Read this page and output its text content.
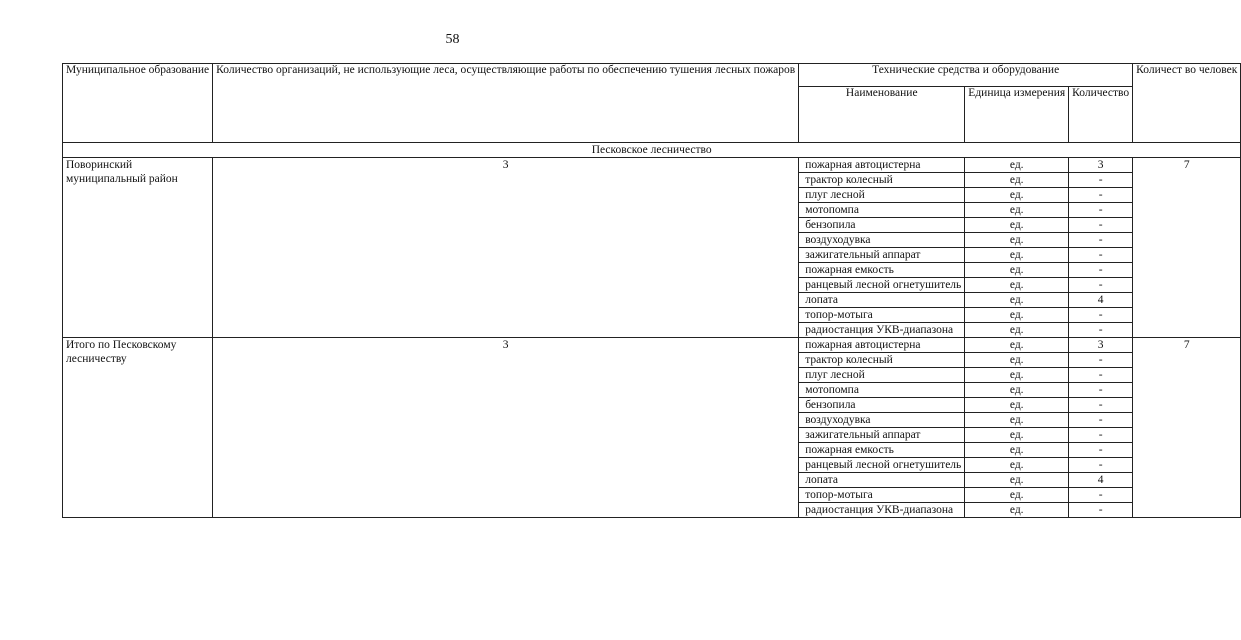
58
Муниципальное образование	Количество организаций, не использующие леса, осуществляющие работы по обеспечению тушения лесных пожаров	Технические средства и оборудование			Количест во человек
		Наименование	Единица измерения	Количество	
Песковское лесничество					
Поворинский муниципальный район	3	пожарная автоцистерна	ед.	3	7
		трактор колесный	ед.	-	
		плуг лесной	ед.	-	
		мотопомпа	ед.	-	
		бензопила	ед.	-	
		воздуходувка	ед.	-	
		зажигательный аппарат	ед.	-	
		пожарная емкость	ед.	-	
		ранцевый лесной огнетушитель	ед.	-	
		лопата	ед.	4	
		топор-мотыга	ед.	-	
		радиостанция УКВ-диапазона	ед.	-	
Итого по Песковскому лесничеству	3	пожарная автоцистерна	ед.	3	7
		трактор колесный	ед.	-	
		плуг лесной	ед.	-	
		мотопомпа	ед.	-	
		бензопила	ед.	-	
		воздуходувка	ед.	-	
		зажигательный аппарат	ед.	-	
		пожарная емкость	ед.	-	
		ранцевый лесной огнетушитель	ед.	-	
		лопата	ед.	4	
		топор-мотыга	ед.	-	
		радиостанция УКВ-диапазона	ед.	-	
